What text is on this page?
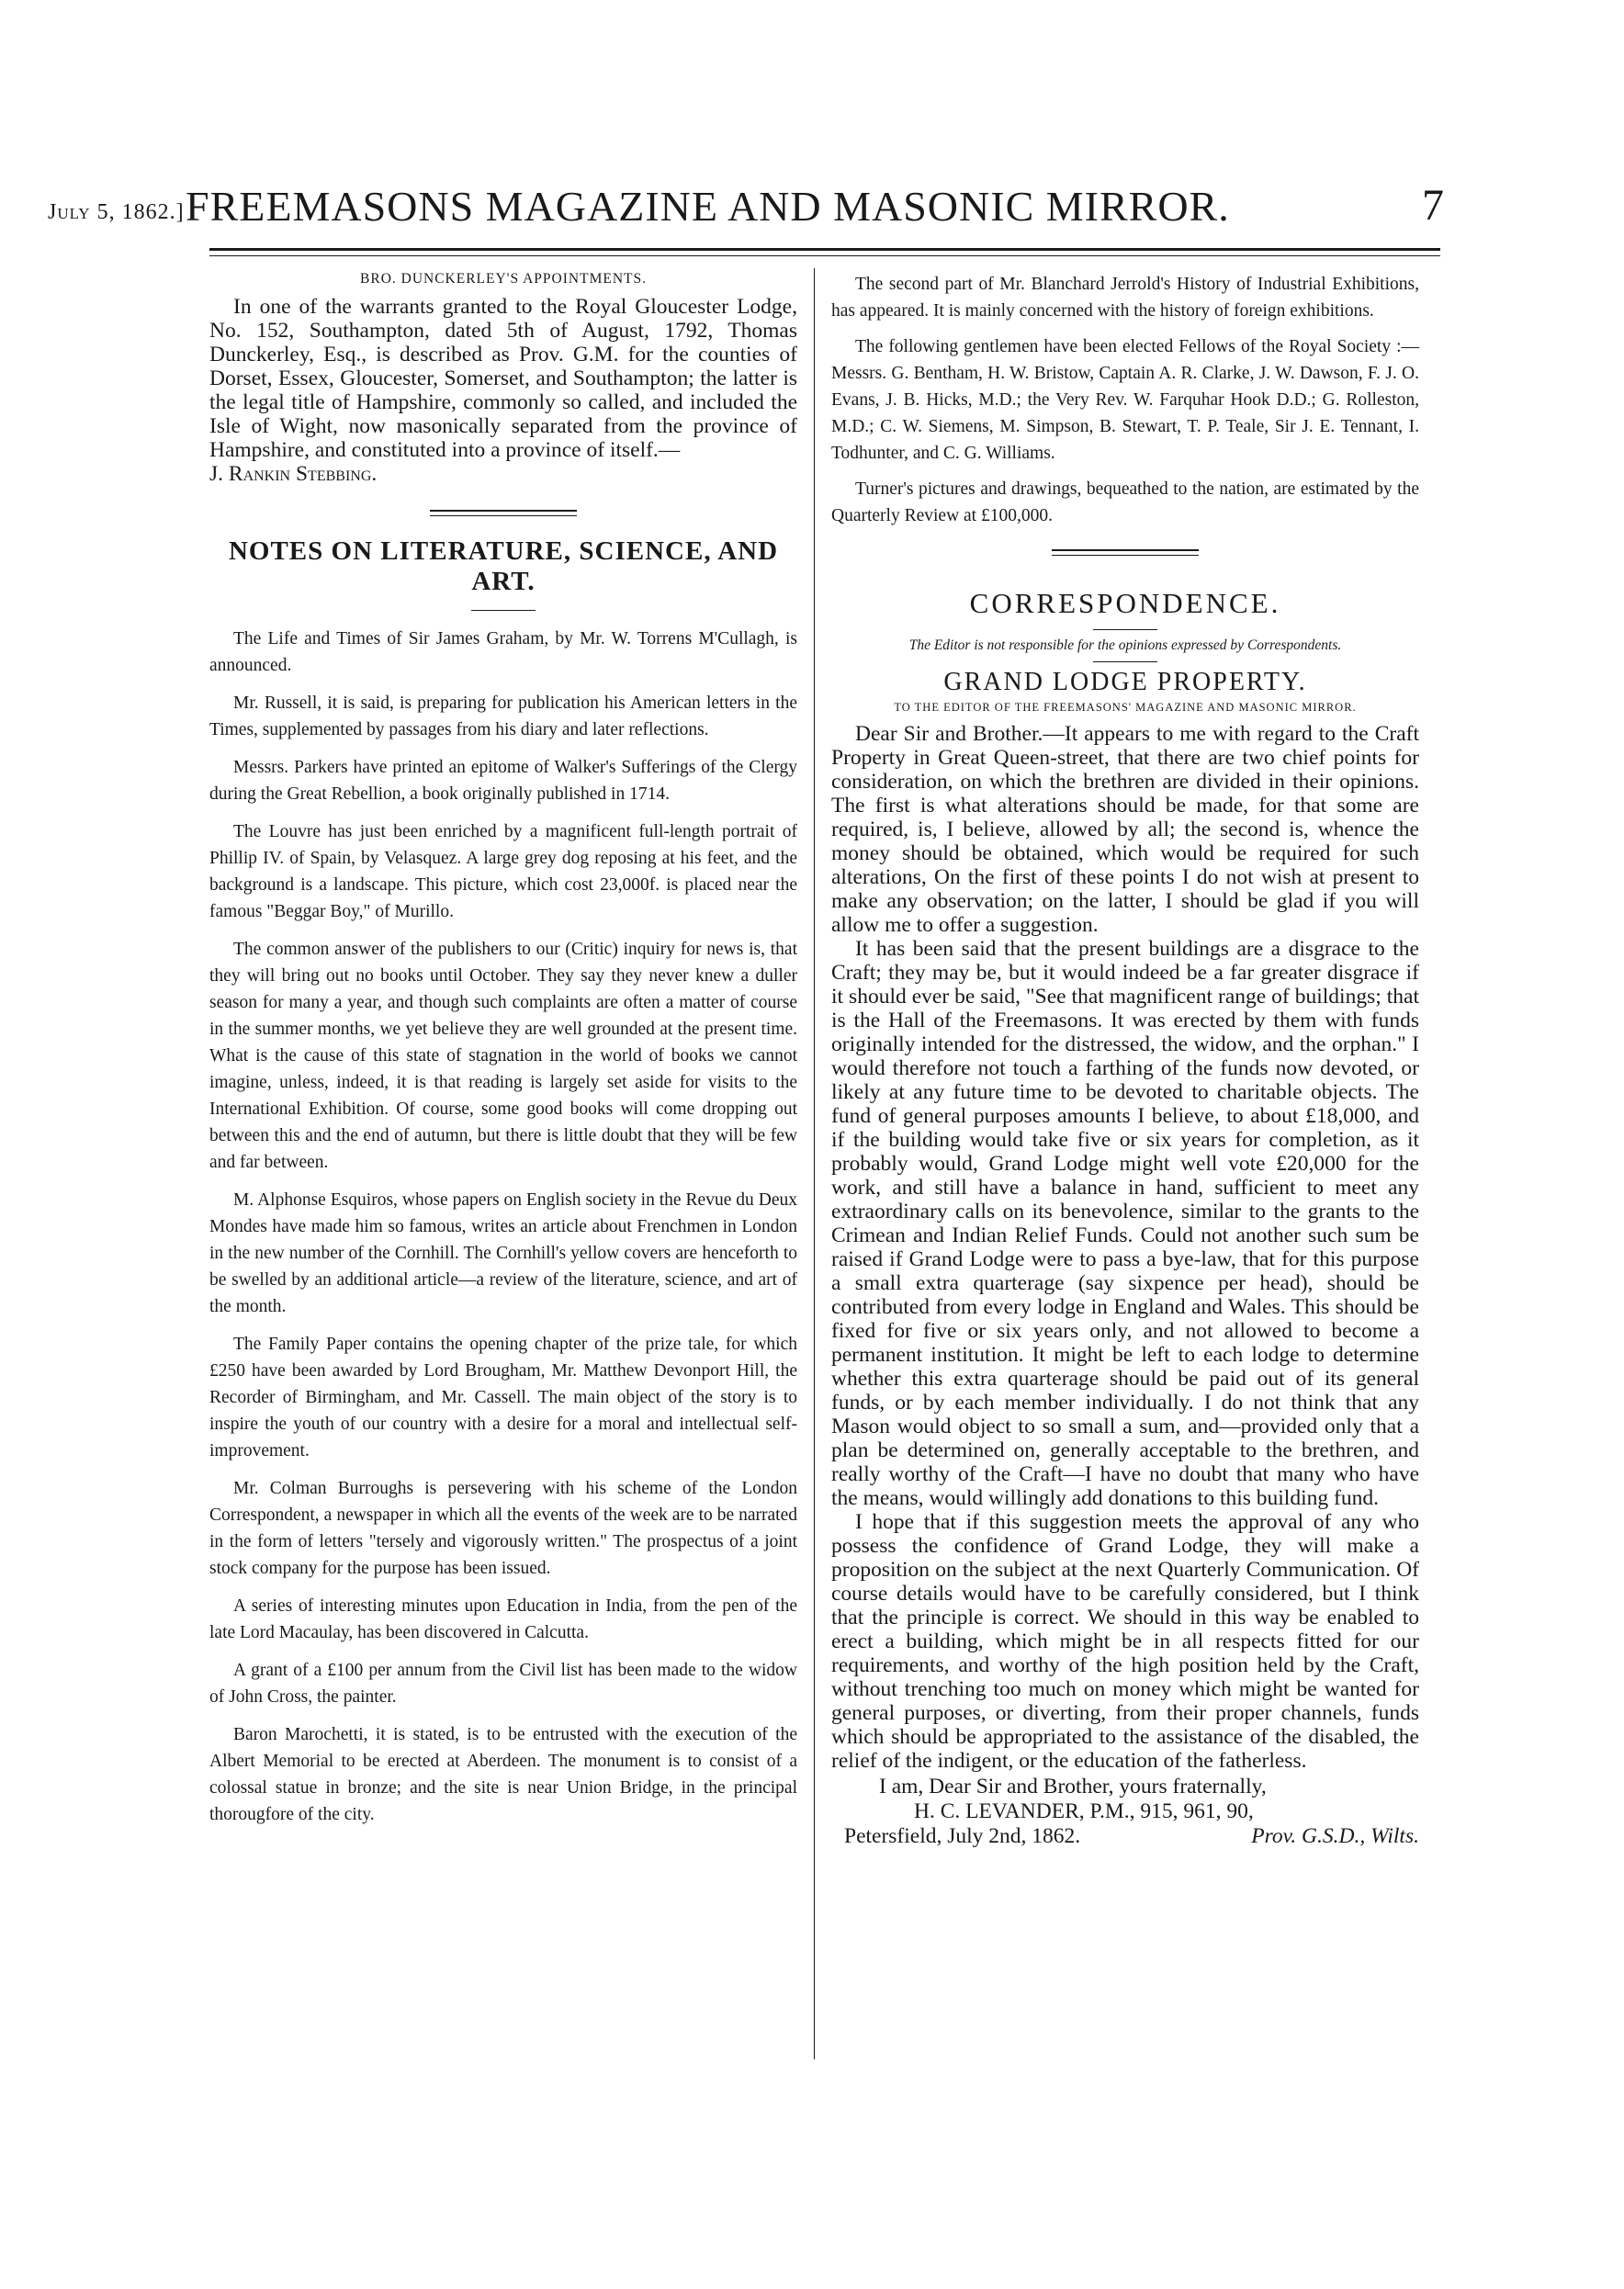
July 5, 1862.] FREEMASONS MAGAZINE AND MASONIC MIRROR.	7

BRO. DUNCKERLEY'S APPOINTMENTS.

In one of the warrants granted to the Royal Gloucester Lodge, No. 152, Southampton, dated 5th of August, 1792, Thomas Dunckerley, Esq., is described as Prov. G.M. for the counties of Dorset, Essex, Gloucester, Somerset, and Southampton; the latter is the legal title of Hampshire, commonly so called, and included the Isle of Wight, now masonically separated from the province of Hampshire, and constituted into a province of itself.—

J. Rankin Stebbing.

NOTES ON LITERATURE, SCIENCE, AND ART.

The Life and Times of Sir James Graham, by Mr. W. Torrens M'Cullagh, is announced.

Mr. Russell, it is said, is preparing for publication his American letters in the Times, supplemented by passages from his diary and later reflections.

Messrs. Parkers have printed an epitome of Walker's Sufferings of the Clergy during the Great Rebellion, a book originally published in 1714.

The Louvre has just been enriched by a magnificent full-length portrait of Phillip IV. of Spain, by Velasquez. A large grey dog reposing at his feet, and the background is a landscape. This picture, which cost 23,000f. is placed near the famous "Beggar Boy," of Murillo.

The common answer of the publishers to our (Critic) inquiry for news is, that they will bring out no books until October. They say they never knew a duller season for many a year, and though such complaints are often a matter of course in the summer months, we yet believe they are well grounded at the present time. What is the cause of this state of stagnation in the world of books we cannot imagine, unless, indeed, it is that reading is largely set aside for visits to the International Exhibition. Of course, some good books will come dropping out between this and the end of autumn, but there is little doubt that they will be few and far between.

M. Alphonse Esquiros, whose papers on English society in the Revue du Deux Mondes have made him so famous, writes an article about Frenchmen in London in the new number of the Cornhill. The Cornhill's yellow covers are henceforth to be swelled by an additional article—a review of the literature, science, and art of the month.

The Family Paper contains the opening chapter of the prize tale, for which £250 have been awarded by Lord Brougham, Mr. Matthew Devonport Hill, the Recorder of Birmingham, and Mr. Cassell. The main object of the story is to inspire the youth of our country with a desire for a moral and intellectual self-improvement.

Mr. Colman Burroughs is persevering with his scheme of the London Correspondent, a newspaper in which all the events of the week are to be narrated in the form of letters "tersely and vigorously written." The prospectus of a joint stock company for the purpose has been issued.

A series of interesting minutes upon Education in India, from the pen of the late Lord Macaulay, has been discovered in Calcutta.

A grant of a £100 per annum from the Civil list has been made to the widow of John Cross, the painter.

Baron Marochetti, it is stated, is to be entrusted with the execution of the Albert Memorial to be erected at Aberdeen. The monument is to consist of a colossal statue in bronze; and the site is near Union Bridge, in the principal thorougfore of the city.

The second part of Mr. Blanchard Jerrold's History of Industrial Exhibitions, has appeared. It is mainly concerned with the history of foreign exhibitions.

The following gentlemen have been elected Fellows of the Royal Society :—Messrs. G. Bentham, H. W. Bristow, Captain A. R. Clarke, J. W. Dawson, F. J. O. Evans, J. B. Hicks, M.D.; the Very Rev. W. Farquhar Hook D.D.; G. Rolleston, M.D.; C. W. Siemens, M. Simpson, B. Stewart, T. P. Teale, Sir J. E. Tennant, I. Todhunter, and C. G. Williams.

Turner's pictures and drawings, bequeathed to the nation, are estimated by the Quarterly Review at £100,000.

CORRESPONDENCE.

The Editor is not responsible for the opinions expressed by Correspondents.

GRAND LODGE PROPERTY.

TO THE EDITOR OF THE FREEMASONS' MAGAZINE AND MASONIC MIRROR.

Dear Sir and Brother.—It appears to me with regard to the Craft Property in Great Queen-street, that there are two chief points for consideration, on which the brethren are divided in their opinions. The first is what alterations should be made, for that some are required, is, I believe, allowed by all; the second is, whence the money should be obtained, which would be required for such alterations, On the first of these points I do not wish at present to make any observation; on the latter, I should be glad if you will allow me to offer a suggestion.

It has been said that the present buildings are a disgrace to the Craft; they may be, but it would indeed be a far greater disgrace if it should ever be said, "See that magnificent range of buildings; that is the Hall of the Freemasons. It was erected by them with funds originally intended for the distressed, the widow, and the orphan." I would therefore not touch a farthing of the funds now devoted, or likely at any future time to be devoted to charitable objects. The fund of general purposes amounts I believe, to about £18,000, and if the building would take five or six years for completion, as it probably would, Grand Lodge might well vote £20,000 for the work, and still have a balance in hand, sufficient to meet any extraordinary calls on its benevolence, similar to the grants to the Crimean and Indian Relief Funds. Could not another such sum be raised if Grand Lodge were to pass a bye-law, that for this purpose a small extra quarterage (say sixpence per head), should be contributed from every lodge in England and Wales. This should be fixed for five or six years only, and not allowed to become a permanent institution. It might be left to each lodge to determine whether this extra quarterage should be paid out of its general funds, or by each member individually. I do not think that any Mason would object to so small a sum, and—provided only that a plan be determined on, generally acceptable to the brethren, and really worthy of the Craft—I have no doubt that many who have the means, would willingly add donations to this building fund.

I hope that if this suggestion meets the approval of any who possess the confidence of Grand Lodge, they will make a proposition on the subject at the next Quarterly Communication. Of course details would have to be carefully considered, but I think that the principle is correct. We should in this way be enabled to erect a building, which might be in all respects fitted for our requirements, and worthy of the high position held by the Craft, without trenching too much on money which might be wanted for general purposes, or diverting, from their proper channels, funds which should be appropriated to the assistance of the disabled, the relief of the indigent, or the education of the fatherless.

I am, Dear Sir and Brother, yours fraternally,

H. C. LEVANDER, P.M., 915, 961, 90,

Petersfield, July 2nd, 1862.	Prov. G.S.D., Wilts.
